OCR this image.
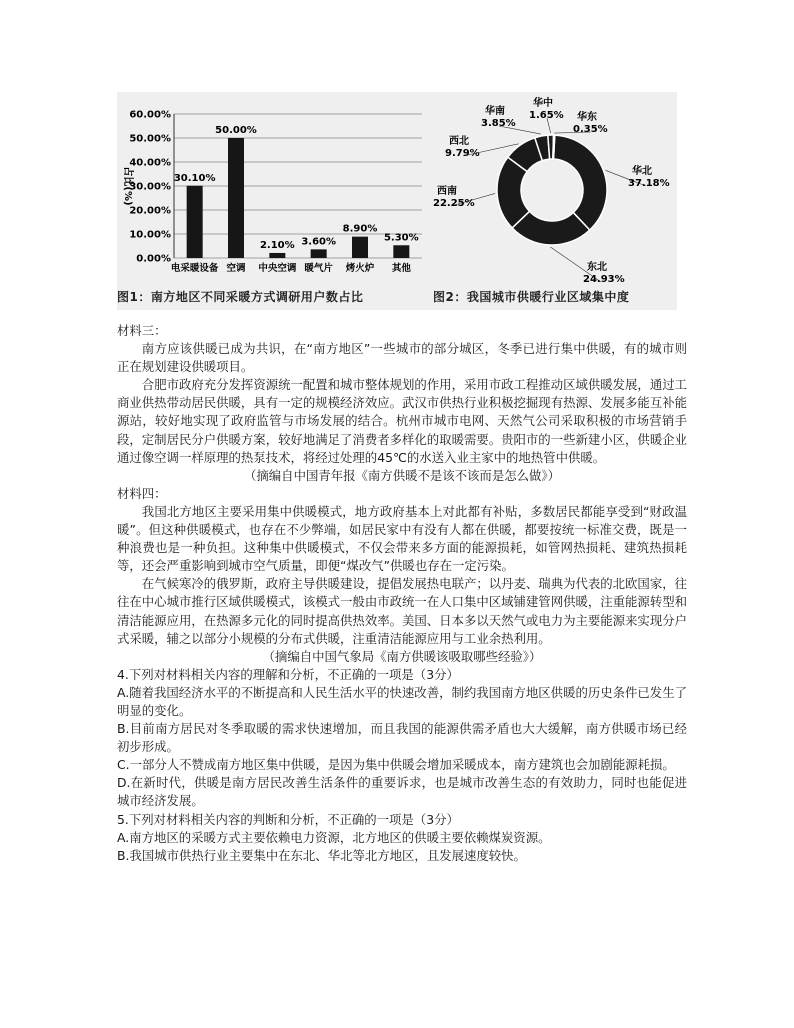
0.00%
10.00%
20.00%
30.00%
40.00%
50.00%
60.00%
占比(%)	30.10%
电采暖设备
50.00%
空调
2.10%
中央空调
3.60%
暖气片
8.90%
烤火炉
5.30%
其他
华北
37.18%
东北
24.93%
西南
22.25%
西北
9.79%
华南
3.85%
华中
1.65% 华东
0.35%
图1：南方地区不同采暖方式调研用户数占比	图2：我国城市供暖行业区域集中度

材料三：

南方应该供暖已成为共识，在“南方地区”一些城市的部分城区，冬季已进行集中供暖，有的城市则正在规划建设供暖项目。

合肥市政府充分发挥资源统一配置和城市整体规划的作用，采用市政工程推动区域供暖发展，通过工商业供热带动居民供暖，具有一定的规模经济效应。武汉市供热行业积极挖掘现有热源、发展多能互补能源站，较好地实现了政府监管与市场发展的结合。杭州市城市电网、天然气公司采取积极的市场营销手段，定制居民分户供暖方案，较好地满足了消费者多样化的取暖需要。贵阳市的一些新建小区，供暖企业通过像空调一样原理的热泵技术，将经过处理的45℃的水送入业主家中的地热管中供暖。

（摘编自中国青年报《南方供暖不是该不该而是怎么做》）

材料四：

我国北方地区主要采用集中供暖模式，地方政府基本上对此都有补贴，多数居民都能享受到“财政温暖”。但这种供暖模式，也存在不少弊端，如居民家中有没有人都在供暖，都要按统一标准交费，既是一种浪费也是一种负担。这种集中供暖模式，不仅会带来多方面的能源损耗，如管网热损耗、建筑热损耗等，还会严重影响到城市空气质量，即便“煤改气”供暖也存在一定污染。

在气候寒冷的俄罗斯，政府主导供暖建设，提倡发展热电联产；以丹麦、瑞典为代表的北欧国家，往往在中心城市推行区域供暖模式，该模式一般由市政统一在人口集中区域铺建管网供暖，注重能源转型和清洁能源应用，在热源多元化的同时提高供热效率。美国、日本多以天然气或电力为主要能源来实现分户式采暖，辅之以部分小规模的分布式供暖，注重清洁能源应用与工业余热利用。

（摘编自中国气象局《南方供暖该吸取哪些经验》）

4.下列对材料相关内容的理解和分析，不正确的一项是（3分）

A.随着我国经济水平的不断提高和人民生活水平的快速改善，制约我国南方地区供暖的历史条件已发生了明显的变化。

B.目前南方居民对冬季取暖的需求快速增加，而且我国的能源供需矛盾也大大缓解，南方供暖市场已经初步形成。

C.一部分人不赞成南方地区集中供暖，是因为集中供暖会增加采暖成本，南方建筑也会加剧能源耗损。

D.在新时代，供暖是南方居民改善生活条件的重要诉求，也是城市改善生态的有效助力，同时也能促进城市经济发展。

5.下列对材料相关内容的判断和分析，不正确的一项是（3分）

A.南方地区的采暖方式主要依赖电力资源，北方地区的供暖主要依赖煤炭资源。

B.我国城市供热行业主要集中在东北、华北等北方地区，且发展速度较快。
